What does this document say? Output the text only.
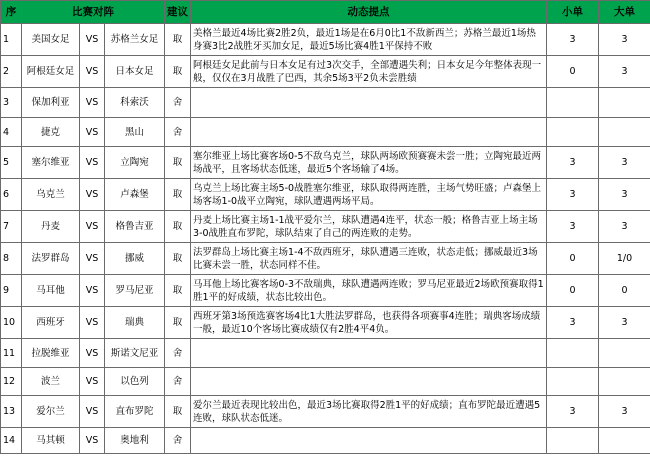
序	比赛对阵			建议	动态提点	小单	大单
1	美国女足	VS	苏格兰女足	取	美格兰最近4场比赛2胜2负，最近1场是在6月0比1不敌新西兰；苏格兰最近1场热身赛3比2战胜牙买加女足，最近5场比赛4胜1平保持不败	3	3
2	阿根廷女足	VS	日本女足	取	阿根廷女足此前与日本女足有过3次交手，全部遭遇失利；日本女足今年整体表现一般，仅仅在3月战胜了巴西，其余5场3平2负未尝胜绩	0	3
3	保加利亚	VS	科索沃	舍			
4	捷克	VS	黑山	舍			
5	塞尔维亚	VS	立陶宛	取	塞尔维亚上场比赛客场0-5不敌乌克兰，球队两场欧预赛赛未尝一胜；立陶宛最近两场战平，且客场状态低迷，最近5个客场输了4场。	3	3
6	乌克兰	VS	卢森堡	取	乌克兰上场比赛主场5-0战胜塞尔维亚，球队取得两连胜，主场气势旺盛；卢森堡上场客场1-0战平立陶宛，球队遭遇两场平局。	3	3
7	丹麦	VS	格鲁吉亚	取	丹麦上场比赛主场1-1战平爱尔兰，球队遭遇4连平，状态一般；格鲁吉亚上场主场3-0战胜直布罗陀，球队结束了自己的两连败的走势。	3	3
8	法罗群岛	VS	挪威	取	法罗群岛上场比赛主场1-4不敌西班牙，球队遭遇三连败，状态走低；挪威最近3场比赛未尝一胜，状态同样不佳。	0	1/0
9	马耳他	VS	罗马尼亚	取	马耳他上场比赛客场0-3不敌瑞典，球队遭遇两连败；罗马尼亚最近2场欧预赛取得1胜1平的好成绩，状态比较出色。	0	0
10	西班牙	VS	瑞典	取	西班牙第3场预选赛客场4比1大胜法罗群岛，也获得各项赛事4连胜；瑞典客场成绩一般，最近10个客场比赛成绩仅有2胜4平4负。	3	3
11	拉脱维亚	VS	斯诺文尼亚	舍			
12	波兰	VS	以色列	舍			
13	爱尔兰	VS	直布罗陀	取	爱尔兰最近表现比较出色，最近3场比赛取得2胜1平的好成绩；直布罗陀最近遭遇5连败，球队状态低迷。	3	3
14	马其顿	VS	奥地利	舍			
